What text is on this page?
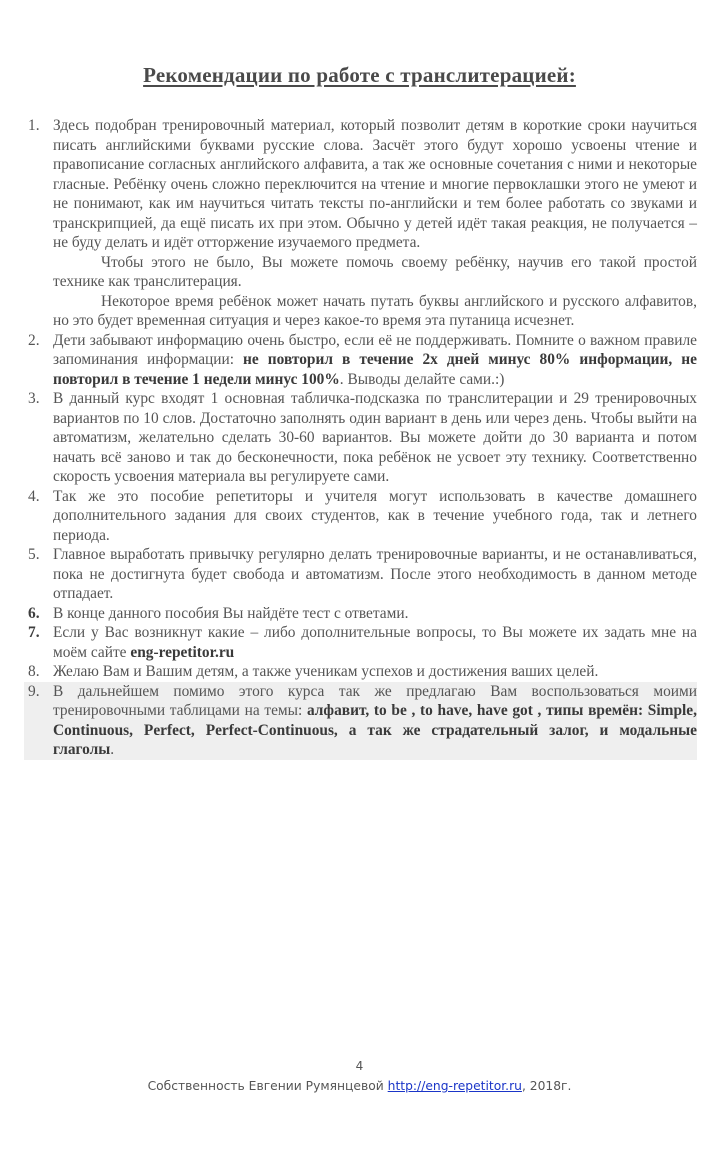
Рекомендации по работе с транслитерацией:
1. Здесь подобран тренировочный материал, который позволит детям в короткие сроки научиться писать английскими буквами русские слова. Засчёт этого будут хорошо усвоены чтение и правописание согласных английского алфавита, а так же основные сочетания с ними и некоторые гласные. Ребёнку очень сложно переключится на чтение и многие первоклашки этого не умеют и не понимают, как им научиться читать тексты по-английски и тем более работать со звуками и транскрипцией, да ещё писать их при этом. Обычно у детей идёт такая реакция, не получается – не буду делать и идёт отторжение изучаемого предмета.
Чтобы этого не было, Вы можете помочь своему ребёнку, научив его такой простой технике как транслитерация.
Некоторое время ребёнок может начать путать буквы английского и русского алфавитов, но это будет временная ситуация и через какое-то время эта путаница исчезнет.
2. Дети забывают информацию очень быстро, если её не поддерживать. Помните о важном правиле запоминания информации: не повторил в течение 2х дней минус 80% информации, не повторил в течение 1 недели минус 100%. Выводы делайте сами.:)
3. В данный курс входят 1 основная табличка-подсказка по транслитерации и 29 тренировочных вариантов по 10 слов. Достаточно заполнять один вариант в день или через день. Чтобы выйти на автоматизм, желательно сделать 30-60 вариантов. Вы можете дойти до 30 варианта и потом начать всё заново и так до бесконечности, пока ребёнок не усвоет эту технику. Соответственно скорость усвоения материала вы регулируете сами.
4. Так же это пособие репетиторы и учителя могут использовать в качестве домашнего дополнительного задания для своих студентов, как в течение учебного года, так и летнего периода.
5. Главное выработать привычку регулярно делать тренировочные варианты, и не останавливаться, пока не достигнута будет свобода и автоматизм. После этого необходимость в данном методе отпадает.
6. В конце данного пособия Вы найдёте тест с ответами.
7. Если у Вас возникнут какие – либо дополнительные вопросы, то Вы можете их задать мне на моём сайте eng-repetitor.ru
8. Желаю Вам и Вашим детям, а также ученикам успехов и достижения ваших целей.
9. В дальнейшем помимо этого курса так же предлагаю Вам воспользоваться моими тренировочными таблицами на темы: алфавит, to be , to have, have got , типы времён: Simple, Continuous, Perfect, Perfect-Continuous, а так же страдательный залог, и модальные глаголы.
4
Собственность Евгении Румянцевой http://eng-repetitor.ru, 2018г.
